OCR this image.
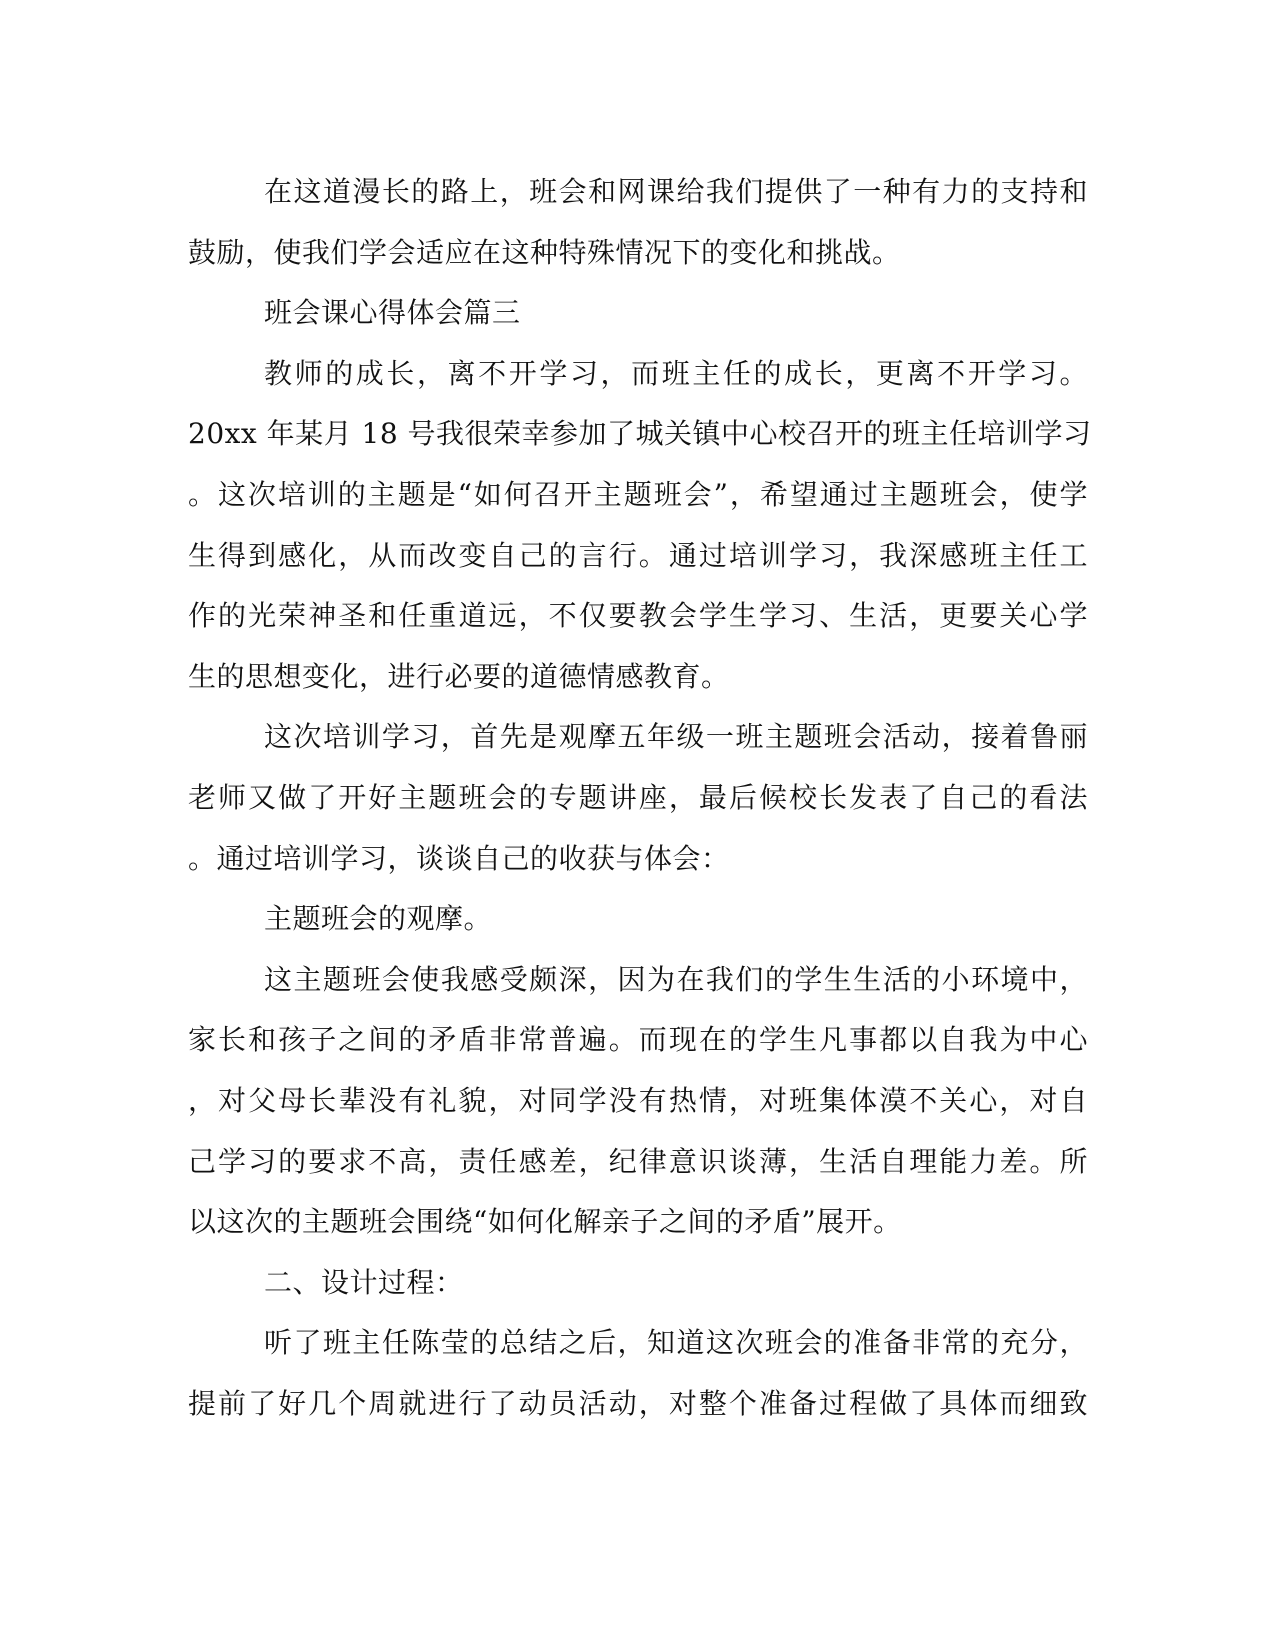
在这道漫长的路上，班会和网课给我们提供了一种有力的支持和
鼓励，使我们学会适应在这种特殊情况下的变化和挑战。
班会课心得体会篇三
教师的成长，离不开学习，而班主任的成长，更离不开学习。
20xx 年某月 18 号我很荣幸参加了城关镇中心校召开的班主任培训学习
。这次培训的主题是“如何召开主题班会”，希望通过主题班会，使学
生得到感化，从而改变自己的言行。通过培训学习，我深感班主任工
作的光荣神圣和任重道远，不仅要教会学生学习、生活，更要关心学
生的思想变化，进行必要的道德情感教育。
这次培训学习，首先是观摩五年级一班主题班会活动，接着鲁丽
老师又做了开好主题班会的专题讲座，最后候校长发表了自己的看法
。通过培训学习，谈谈自己的收获与体会：
主题班会的观摩。
这主题班会使我感受颇深，因为在我们的学生生活的小环境中，
家长和孩子之间的矛盾非常普遍。而现在的学生凡事都以自我为中心
，对父母长辈没有礼貌，对同学没有热情，对班集体漠不关心，对自
己学习的要求不高，责任感差，纪律意识谈薄，生活自理能力差。所
以这次的主题班会围绕“如何化解亲子之间的矛盾”展开。
二、设计过程：
听了班主任陈莹的总结之后，知道这次班会的准备非常的充分，
提前了好几个周就进行了动员活动，对整个准备过程做了具体而细致
